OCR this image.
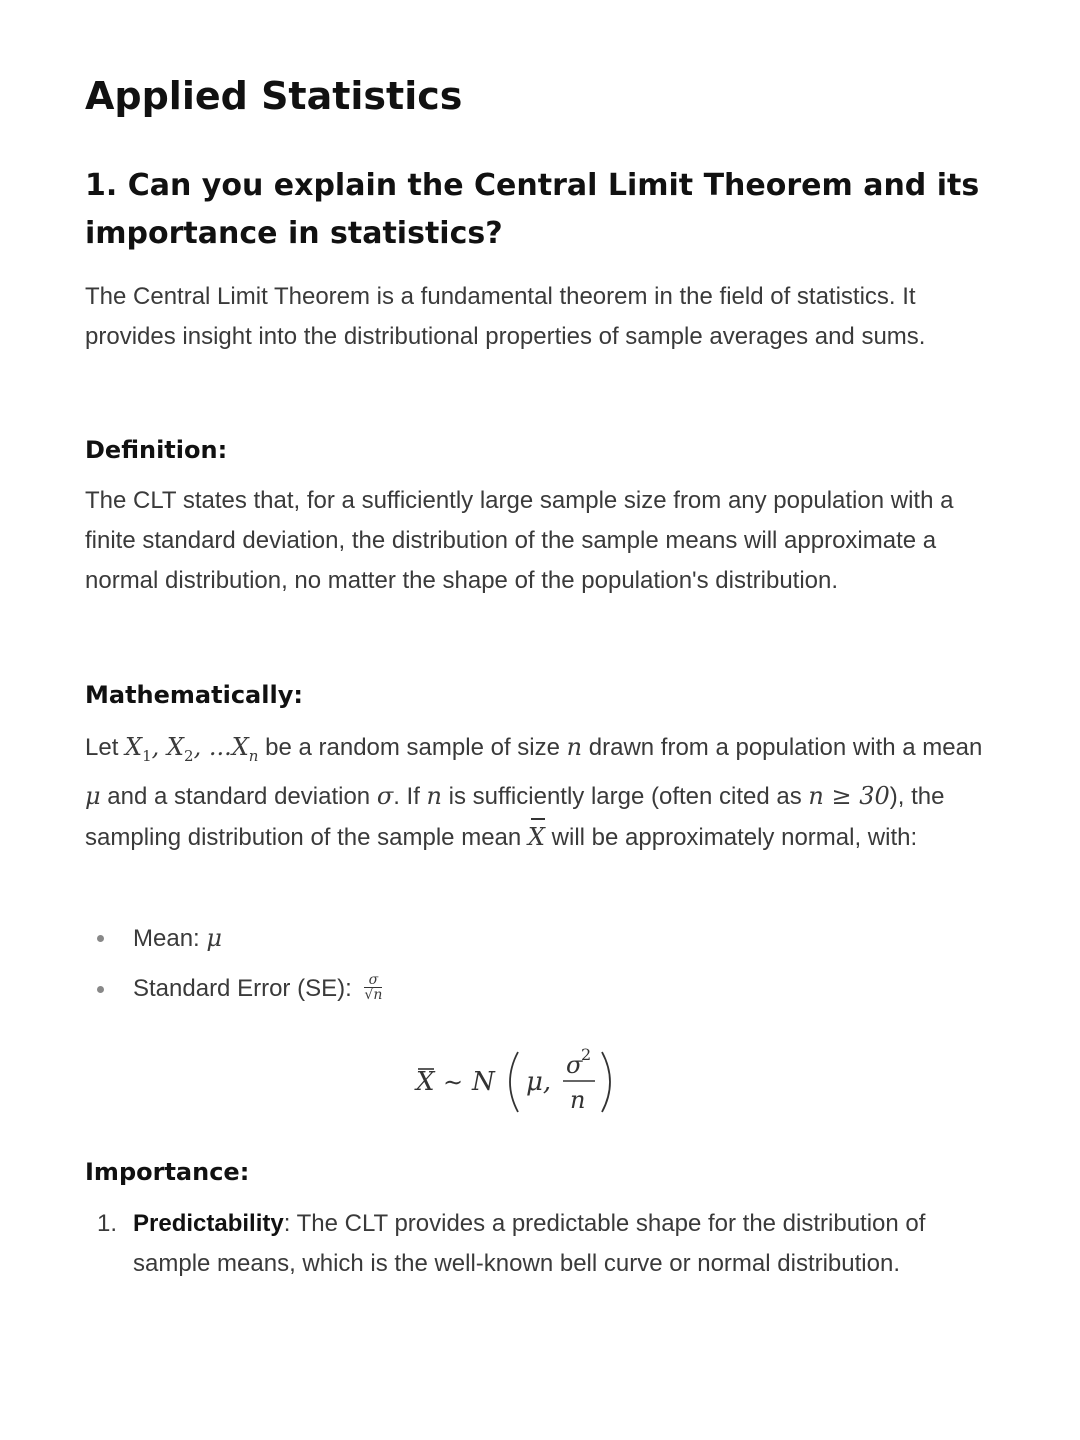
Applied Statistics
1. Can you explain the Central Limit Theorem and its importance in statistics?

The Central Limit Theorem is a fundamental theorem in the field of statistics. It provides insight into the distributional properties of sample averages and sums.

Definition:

The CLT states that, for a sufficiently large sample size from any population with a finite standard deviation, the distribution of the sample means will approximate a normal distribution, no matter the shape of the population's distribution.

Mathematically:

Let $X_1$, $X_2$, $...X_n$ be a random sample of size n drawn from a population with a mean μ and a standard deviation σ. If n is sufficiently large (often cited as n ≥ 30), the sampling distribution of the sample mean X will be approximately normal, with:

Mean: μ
Standard Error (SE): $\frac{\sigma}{√n}$
X ∼ N μ,
σ
2
n
Importance:
1. Predictability: The CLT provides a predictable shape for the distribution of sample means, which is the well-known bell curve or normal distribution.
